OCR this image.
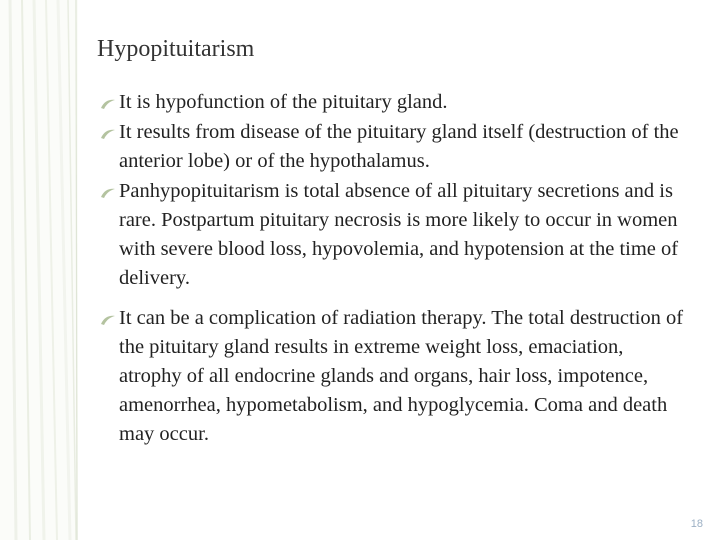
Hypopituitarism
It is hypofunction of the pituitary gland.
It results from disease of the pituitary gland itself (destruction of the anterior lobe) or of the hypothalamus.
Panhypopituitarism is total absence of all pituitary secretions and is rare. Postpartum pituitary necrosis is more likely to occur in women with severe blood loss, hypovolemia, and hypotension at the time of delivery.
It can be a complication of radiation therapy. The total destruction of the pituitary gland results in extreme weight loss, emaciation, atrophy of all endocrine glands and organs, hair loss, impotence, amenorrhea, hypometabolism, and hypoglycemia. Coma and death may occur.
18
